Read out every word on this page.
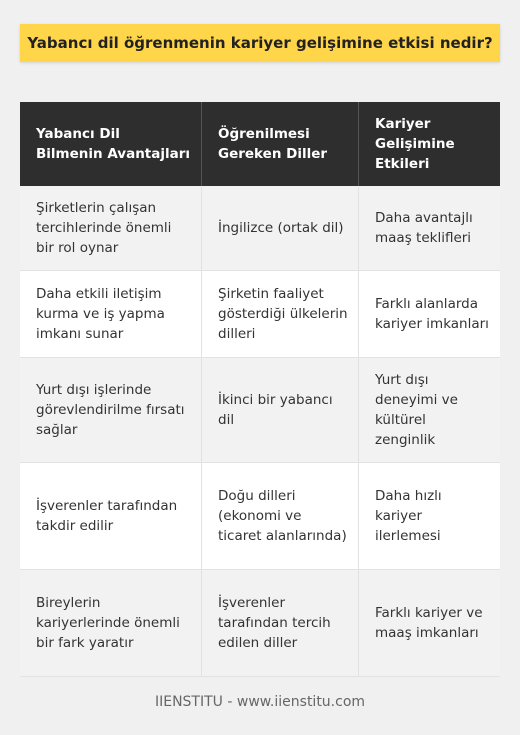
Yabancı dil öğrenmenin kariyer gelişimine etkisi nedir?
Yabancı Dil Bilmenin Avantajları
Öğrenilmesi Gereken Diller
Kariyer Gelişimine Etkileri
Şirketlerin çalışan tercihlerinde önemli bir rol oynar
İngilizce (ortak dil)
Daha avantajlı maaş teklifleri
Daha etkili iletişim kurma ve iş yapma imkanı sunar
Şirketin faaliyet gösterdiği ülkelerin dilleri
Farklı alanlarda kariyer imkanları
Yurt dışı işlerinde görevlendirilme fırsatı sağlar
İkinci bir yabancı dil
Yurt dışı deneyimi ve kültürel zenginlik
İşverenler tarafından takdir edilir
Doğu dilleri (ekonomi ve ticaret alanlarında)
Daha hızlı kariyer ilerlemesi
Bireylerin kariyerlerinde önemli bir fark yaratır
İşverenler tarafından tercih edilen diller
Farklı kariyer ve maaş imkanları
IIENSTITU - www.iienstitu.com
